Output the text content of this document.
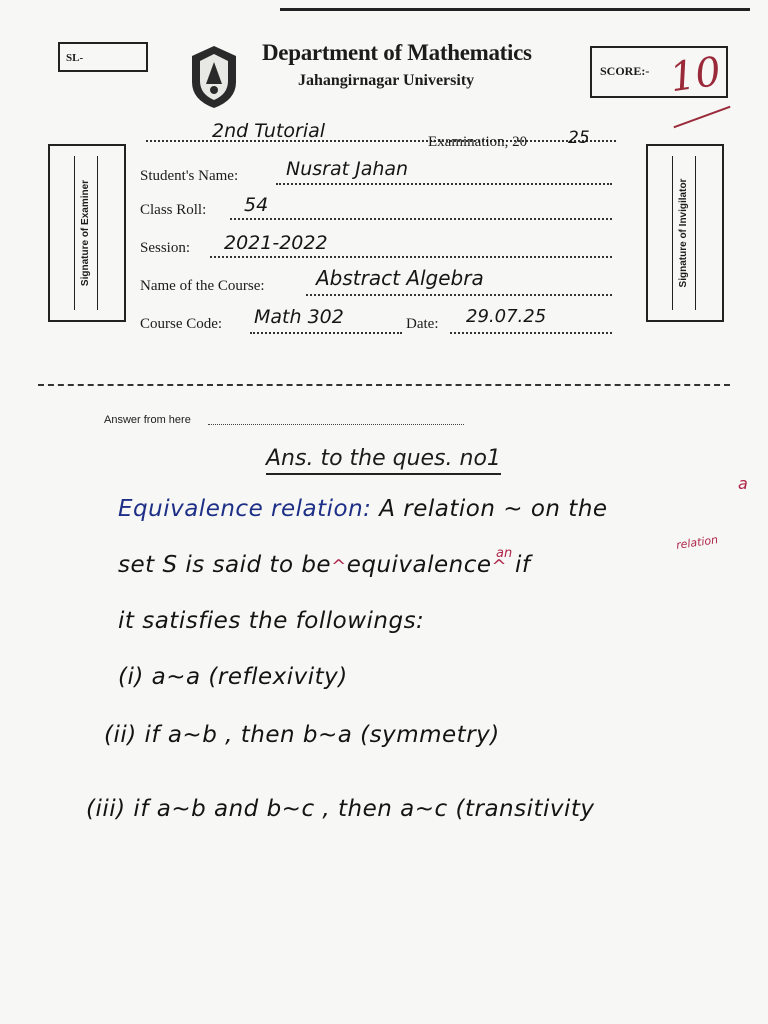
SL-	Department of Mathematics
Jahangirnagar University
SCORE:- 10
Signature of Examiner	Signature of Invigilator
2nd Tutorial	Examination, 20 25
Student's Name:	Nusrat Jahan
Class Roll: 54
Session: 2021-2022
Name of the Course:	Abstract Algebra
Course Code: Math 302	Date: 29.07.25
Answer from here
Ans. to the ques. no1
a
an
relation
Equivalence relation: A relation ~ on the
set S is said to be^equivalence^ if
it satisfies the followings:
(i) a~a (reflexivity)
(ii) if a~b , then b~a (symmetry)
(iii) if a~b and b~c , then a~c (transitivity
